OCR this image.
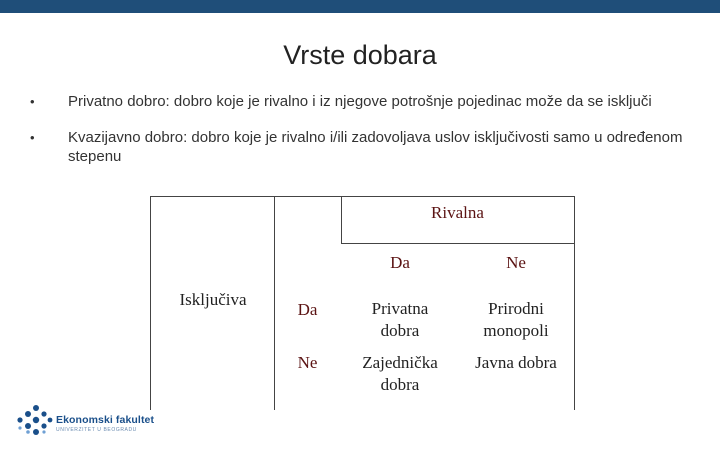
Vrste dobara
• Privatno dobro: dobro koje je rivalno i iz njegove potrošnje pojedinac može da se isključi
• Kvazijavno dobro: dobro koje je rivalno i/ili zadovoljava uslov isključivosti samo u određenom stepenu
Rivalna
Da	Ne
Isključiva
Da
Ne
Privatna
dobra
Prirodni
monopoli
Zajednička
dobra
Javna dobra
Ekonomski fakultet
UNIVERZITET U BEOGRADU
